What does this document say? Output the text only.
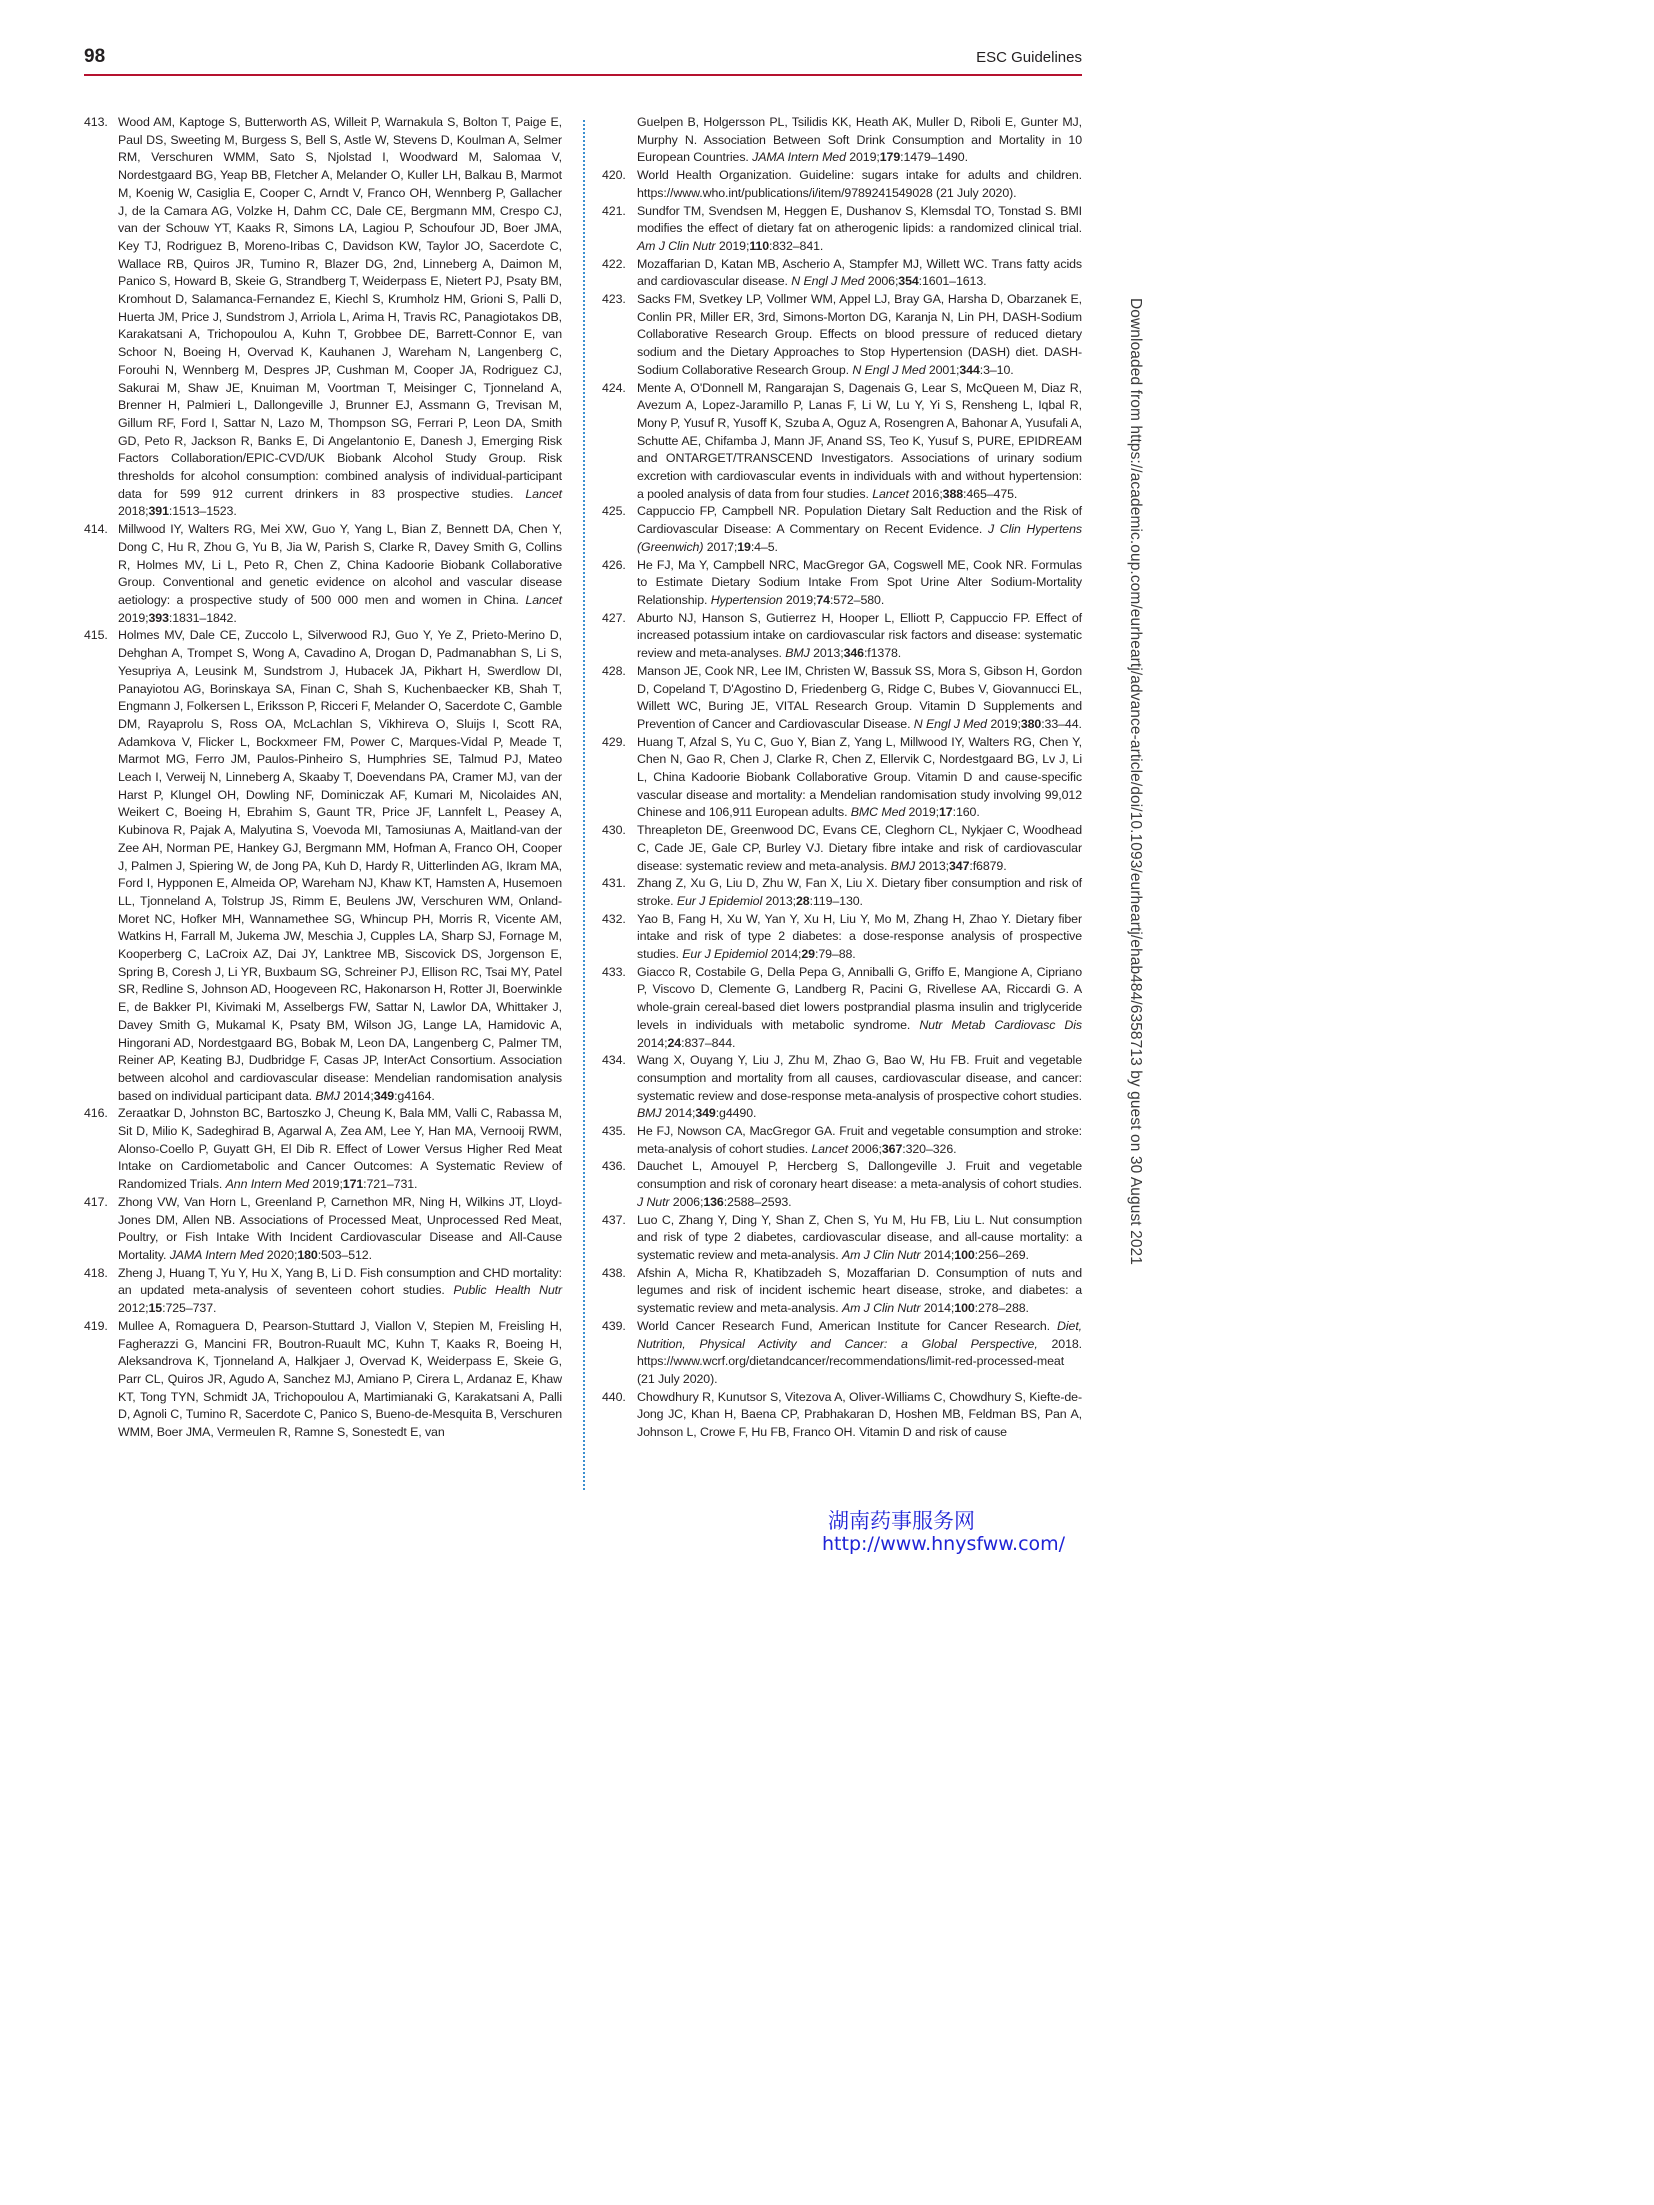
98	ESC Guidelines
413. Wood AM, Kaptoge S, Butterworth AS, Willeit P, Warnakula S, Bolton T, Paige E, Paul DS, Sweeting M, Burgess S, Bell S, Astle W, Stevens D, Koulman A, Selmer RM, Verschuren WMM, Sato S, Njolstad I, Woodward M, Salomaa V, Nordestgaard BG, Yeap BB, Fletcher A, Melander O, Kuller LH, Balkau B, Marmot M, Koenig W, Casiglia E, Cooper C, Arndt V, Franco OH, Wennberg P, Gallacher J, de la Camara AG, Volzke H, Dahm CC, Dale CE, Bergmann MM, Crespo CJ, van der Schouw YT, Kaaks R, Simons LA, Lagiou P, Schoufour JD, Boer JMA, Key TJ, Rodriguez B, Moreno-Iribas C, Davidson KW, Taylor JO, Sacerdote C, Wallace RB, Quiros JR, Tumino R, Blazer DG, 2nd, Linneberg A, Daimon M, Panico S, Howard B, Skeie G, Strandberg T, Weiderpass E, Nietert PJ, Psaty BM, Kromhout D, Salamanca-Fernandez E, Kiechl S, Krumholz HM, Grioni S, Palli D, Huerta JM, Price J, Sundstrom J, Arriola L, Arima H, Travis RC, Panagiotakos DB, Karakatsani A, Trichopoulou A, Kuhn T, Grobbee DE, Barrett-Connor E, van Schoor N, Boeing H, Overvad K, Kauhanen J, Wareham N, Langenberg C, Forouhi N, Wennberg M, Despres JP, Cushman M, Cooper JA, Rodriguez CJ, Sakurai M, Shaw JE, Knuiman M, Voortman T, Meisinger C, Tjonneland A, Brenner H, Palmieri L, Dallongeville J, Brunner EJ, Assmann G, Trevisan M, Gillum RF, Ford I, Sattar N, Lazo M, Thompson SG, Ferrari P, Leon DA, Smith GD, Peto R, Jackson R, Banks E, Di Angelantonio E, Danesh J, Emerging Risk Factors Collaboration/EPIC-CVD/UK Biobank Alcohol Study Group. Risk thresholds for alcohol consumption: combined analysis of individual-participant data for 599 912 current drinkers in 83 prospective studies. Lancet 2018;391:1513–1523.
414. Millwood IY, Walters RG, Mei XW, Guo Y, Yang L, Bian Z, Bennett DA, Chen Y, Dong C, Hu R, Zhou G, Yu B, Jia W, Parish S, Clarke R, Davey Smith G, Collins R, Holmes MV, Li L, Peto R, Chen Z, China Kadoorie Biobank Collaborative Group. Conventional and genetic evidence on alcohol and vascular disease aetiology: a prospective study of 500 000 men and women in China. Lancet 2019;393:1831–1842.
415. Holmes MV, Dale CE, Zuccolo L, Silverwood RJ, Guo Y, Ye Z, Prieto-Merino D, Dehghan A, Trompet S, Wong A, Cavadino A, Drogan D, Padmanabhan S, Li S, Yesupriya A, Leusink M, Sundstrom J, Hubacek JA, Pikhart H, Swerdlow DI, Panayiotou AG, Borinskaya SA, Finan C, Shah S, Kuchenbaecker KB, Shah T, Engmann J, Folkersen L, Eriksson P, Ricceri F, Melander O, Sacerdote C, Gamble DM, Rayaprolu S, Ross OA, McLachlan S, Vikhireva O, Sluijs I, Scott RA, Adamkova V, Flicker L, Bockxmeer FM, Power C, Marques-Vidal P, Meade T, Marmot MG, Ferro JM, Paulos-Pinheiro S, Humphries SE, Talmud PJ, Mateo Leach I, Verweij N, Linneberg A, Skaaby T, Doevendans PA, Cramer MJ, van der Harst P, Klungel OH, Dowling NF, Dominiczak AF, Kumari M, Nicolaides AN, Weikert C, Boeing H, Ebrahim S, Gaunt TR, Price JF, Lannfelt L, Peasey A, Kubinova R, Pajak A, Malyutina S, Voevoda MI, Tamosiunas A, Maitland-van der Zee AH, Norman PE, Hankey GJ, Bergmann MM, Hofman A, Franco OH, Cooper J, Palmen J, Spiering W, de Jong PA, Kuh D, Hardy R, Uitterlinden AG, Ikram MA, Ford I, Hypponen E, Almeida OP, Wareham NJ, Khaw KT, Hamsten A, Husemoen LL, Tjonneland A, Tolstrup JS, Rimm E, Beulens JW, Verschuren WM, Onland-Moret NC, Hofker MH, Wannamethee SG, Whincup PH, Morris R, Vicente AM, Watkins H, Farrall M, Jukema JW, Meschia J, Cupples LA, Sharp SJ, Fornage M, Kooperberg C, LaCroix AZ, Dai JY, Lanktree MB, Siscovick DS, Jorgenson E, Spring B, Coresh J, Li YR, Buxbaum SG, Schreiner PJ, Ellison RC, Tsai MY, Patel SR, Redline S, Johnson AD, Hoogeveen RC, Hakonarson H, Rotter JI, Boerwinkle E, de Bakker PI, Kivimaki M, Asselbergs FW, Sattar N, Lawlor DA, Whittaker J, Davey Smith G, Mukamal K, Psaty BM, Wilson JG, Lange LA, Hamidovic A, Hingorani AD, Nordestgaard BG, Bobak M, Leon DA, Langenberg C, Palmer TM, Reiner AP, Keating BJ, Dudbridge F, Casas JP, InterAct Consortium. Association between alcohol and cardiovascular disease: Mendelian randomisation analysis based on individual participant data. BMJ 2014;349:g4164.
416. Zeraatkar D, Johnston BC, Bartoszko J, Cheung K, Bala MM, Valli C, Rabassa M, Sit D, Milio K, Sadeghirad B, Agarwal A, Zea AM, Lee Y, Han MA, Vernooij RWM, Alonso-Coello P, Guyatt GH, El Dib R. Effect of Lower Versus Higher Red Meat Intake on Cardiometabolic and Cancer Outcomes: A Systematic Review of Randomized Trials. Ann Intern Med 2019;171:721–731.
417. Zhong VW, Van Horn L, Greenland P, Carnethon MR, Ning H, Wilkins JT, Lloyd-Jones DM, Allen NB. Associations of Processed Meat, Unprocessed Red Meat, Poultry, or Fish Intake With Incident Cardiovascular Disease and All-Cause Mortality. JAMA Intern Med 2020;180:503–512.
418. Zheng J, Huang T, Yu Y, Hu X, Yang B, Li D. Fish consumption and CHD mortality: an updated meta-analysis of seventeen cohort studies. Public Health Nutr 2012;15:725–737.
419. Mullee A, Romaguera D, Pearson-Stuttard J, Viallon V, Stepien M, Freisling H, Fagherazzi G, Mancini FR, Boutron-Ruault MC, Kuhn T, Kaaks R, Boeing H, Aleksandrova K, Tjonneland A, Halkjaer J, Overvad K, Weiderpass E, Skeie G, Parr CL, Quiros JR, Agudo A, Sanchez MJ, Amiano P, Cirera L, Ardanaz E, Khaw KT, Tong TYN, Schmidt JA, Trichopoulou A, Martimianaki G, Karakatsani A, Palli D, Agnoli C, Tumino R, Sacerdote C, Panico S, Bueno-de-Mesquita B, Verschuren WMM, Boer JMA, Vermeulen R, Ramne S, Sonestedt E, van
Guelpen B, Holgersson PL, Tsilidis KK, Heath AK, Muller D, Riboli E, Gunter MJ, Murphy N. Association Between Soft Drink Consumption and Mortality in 10 European Countries. JAMA Intern Med 2019;179:1479–1490.
420. World Health Organization. Guideline: sugars intake for adults and children. https://www.who.int/publications/i/item/9789241549028 (21 July 2020).
421. Sundfor TM, Svendsen M, Heggen E, Dushanov S, Klemsdal TO, Tonstad S. BMI modifies the effect of dietary fat on atherogenic lipids: a randomized clinical trial. Am J Clin Nutr 2019;110:832–841.
422. Mozaffarian D, Katan MB, Ascherio A, Stampfer MJ, Willett WC. Trans fatty acids and cardiovascular disease. N Engl J Med 2006;354:1601–1613.
423. Sacks FM, Svetkey LP, Vollmer WM, Appel LJ, Bray GA, Harsha D, Obarzanek E, Conlin PR, Miller ER, 3rd, Simons-Morton DG, Karanja N, Lin PH, DASH-Sodium Collaborative Research Group. Effects on blood pressure of reduced dietary sodium and the Dietary Approaches to Stop Hypertension (DASH) diet. DASH-Sodium Collaborative Research Group. N Engl J Med 2001;344:3–10.
424. Mente A, O'Donnell M, Rangarajan S, Dagenais G, Lear S, McQueen M, Diaz R, Avezum A, Lopez-Jaramillo P, Lanas F, Li W, Lu Y, Yi S, Rensheng L, Iqbal R, Mony P, Yusuf R, Yusoff K, Szuba A, Oguz A, Rosengren A, Bahonar A, Yusufali A, Schutte AE, Chifamba J, Mann JF, Anand SS, Teo K, Yusuf S, PURE, EPIDREAM and ONTARGET/TRANSCEND Investigators. Associations of urinary sodium excretion with cardiovascular events in individuals with and without hypertension: a pooled analysis of data from four studies. Lancet 2016;388:465–475.
425. Cappuccio FP, Campbell NR. Population Dietary Salt Reduction and the Risk of Cardiovascular Disease: A Commentary on Recent Evidence. J Clin Hypertens (Greenwich) 2017;19:4–5.
426. He FJ, Ma Y, Campbell NRC, MacGregor GA, Cogswell ME, Cook NR. Formulas to Estimate Dietary Sodium Intake From Spot Urine Alter Sodium-Mortality Relationship. Hypertension 2019;74:572–580.
427. Aburto NJ, Hanson S, Gutierrez H, Hooper L, Elliott P, Cappuccio FP. Effect of increased potassium intake on cardiovascular risk factors and disease: systematic review and meta-analyses. BMJ 2013;346:f1378.
428. Manson JE, Cook NR, Lee IM, Christen W, Bassuk SS, Mora S, Gibson H, Gordon D, Copeland T, D'Agostino D, Friedenberg G, Ridge C, Bubes V, Giovannucci EL, Willett WC, Buring JE, VITAL Research Group. Vitamin D Supplements and Prevention of Cancer and Cardiovascular Disease. N Engl J Med 2019;380:33–44.
429. Huang T, Afzal S, Yu C, Guo Y, Bian Z, Yang L, Millwood IY, Walters RG, Chen Y, Chen N, Gao R, Chen J, Clarke R, Chen Z, Ellervik C, Nordestgaard BG, Lv J, Li L, China Kadoorie Biobank Collaborative Group. Vitamin D and cause-specific vascular disease and mortality: a Mendelian randomisation study involving 99,012 Chinese and 106,911 European adults. BMC Med 2019;17:160.
430. Threapleton DE, Greenwood DC, Evans CE, Cleghorn CL, Nykjaer C, Woodhead C, Cade JE, Gale CP, Burley VJ. Dietary fibre intake and risk of cardiovascular disease: systematic review and meta-analysis. BMJ 2013;347:f6879.
431. Zhang Z, Xu G, Liu D, Zhu W, Fan X, Liu X. Dietary fiber consumption and risk of stroke. Eur J Epidemiol 2013;28:119–130.
432. Yao B, Fang H, Xu W, Yan Y, Xu H, Liu Y, Mo M, Zhang H, Zhao Y. Dietary fiber intake and risk of type 2 diabetes: a dose-response analysis of prospective studies. Eur J Epidemiol 2014;29:79–88.
433. Giacco R, Costabile G, Della Pepa G, Anniballi G, Griffo E, Mangione A, Cipriano P, Viscovo D, Clemente G, Landberg R, Pacini G, Rivellese AA, Riccardi G. A whole-grain cereal-based diet lowers postprandial plasma insulin and triglyceride levels in individuals with metabolic syndrome. Nutr Metab Cardiovasc Dis 2014;24:837–844.
434. Wang X, Ouyang Y, Liu J, Zhu M, Zhao G, Bao W, Hu FB. Fruit and vegetable consumption and mortality from all causes, cardiovascular disease, and cancer: systematic review and dose-response meta-analysis of prospective cohort studies. BMJ 2014;349:g4490.
435. He FJ, Nowson CA, MacGregor GA. Fruit and vegetable consumption and stroke: meta-analysis of cohort studies. Lancet 2006;367:320–326.
436. Dauchet L, Amouyel P, Hercberg S, Dallongeville J. Fruit and vegetable consumption and risk of coronary heart disease: a meta-analysis of cohort studies. J Nutr 2006;136:2588–2593.
437. Luo C, Zhang Y, Ding Y, Shan Z, Chen S, Yu M, Hu FB, Liu L. Nut consumption and risk of type 2 diabetes, cardiovascular disease, and all-cause mortality: a systematic review and meta-analysis. Am J Clin Nutr 2014;100:256–269.
438. Afshin A, Micha R, Khatibzadeh S, Mozaffarian D. Consumption of nuts and legumes and risk of incident ischemic heart disease, stroke, and diabetes: a systematic review and meta-analysis. Am J Clin Nutr 2014;100:278–288.
439. World Cancer Research Fund, American Institute for Cancer Research. Diet, Nutrition, Physical Activity and Cancer: a Global Perspective, 2018. https://www.wcrf.org/dietandcancer/recommendations/limit-red-processed-meat (21 July 2020).
440. Chowdhury R, Kunutsor S, Vitezova A, Oliver-Williams C, Chowdhury S, Kiefte-de-Jong JC, Khan H, Baena CP, Prabhakaran D, Hoshen MB, Feldman BS, Pan A, Johnson L, Crowe F, Hu FB, Franco OH. Vitamin D and risk of cause
Downloaded from https://academic.oup.com/eurheartj/advance-article/doi/10.1093/eurheartj/ehab484/6358713 by guest on 30 August 2021
湖南药事服务网
http://www.hnysfww.com/
